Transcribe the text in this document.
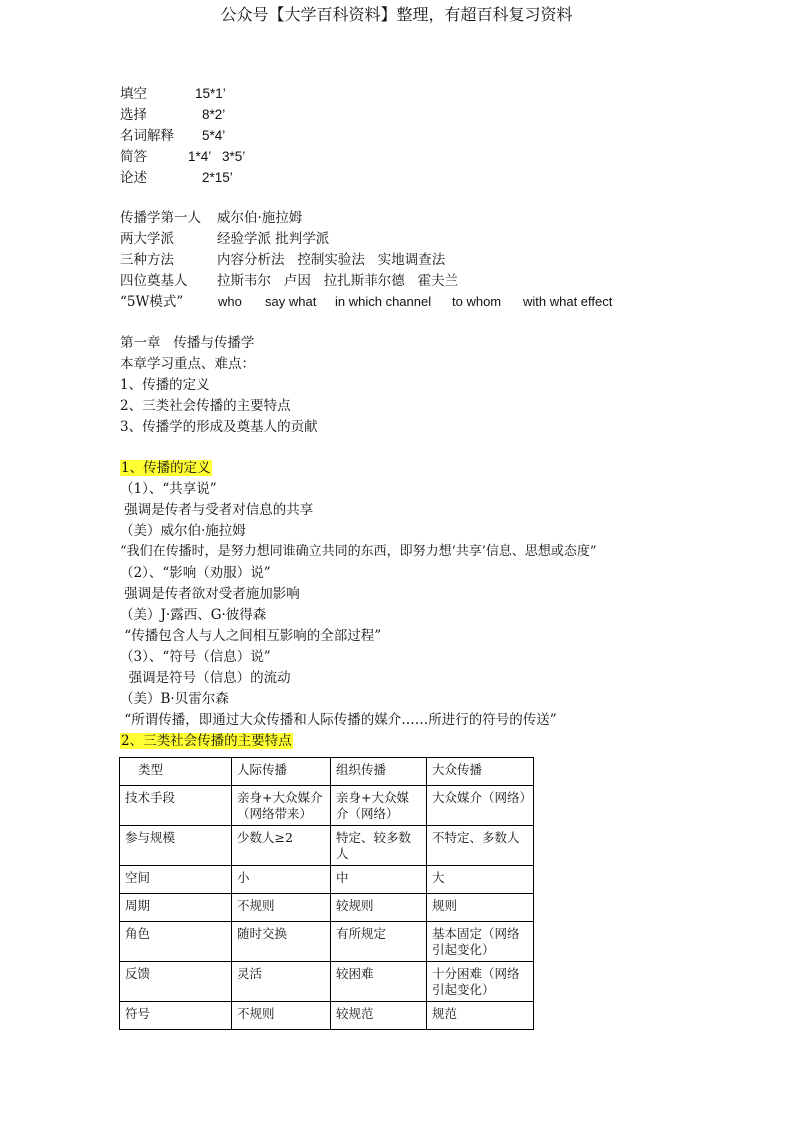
公众号【大学百科资料】整理，有超百科复习资料
填空	15*1’
选择	8*2’
名词解释 5*4’
简答	1*4’   3*5’
论述	2*15’
传播学第一人 威尔伯·施拉姆
两大学派	经验学派 批判学派
三种方法	内容分析法   控制实验法   实地调查法
四位奠基人 拉斯韦尔   卢因   拉扎斯菲尔德   霍夫兰
“5W模式”	who say what in which channel to whom with what effect
第一章   传播与传播学
本章学习重点、难点：
1、传播的定义
2、三类社会传播的主要特点
3、传播学的形成及奠基人的贡献
1、传播的定义
（1）、“共享说”
强调是传者与受者对信息的共享
（美）威尔伯·施拉姆
“我们在传播时，是努力想同谁确立共同的东西，即努力想‘共享’信息、思想或态度”
（2）、“影响（劝服）说”
强调是传者欲对受者施加影响
（美）J·露西、G·彼得森
“传播包含人与人之间相互影响的全部过程”
（3）、“符号（信息）说”
强调是符号（信息）的流动
（美）B·贝雷尔森
“所谓传播，即通过大众传播和人际传播的媒介……所进行的符号的传送”
2、三类社会传播的主要特点
类型	人际传播	组织传播	大众传播
技术手段	亲身+大众媒介（网络带来）	亲身+大众媒介（网络）	大众媒介（网络）
参与规模	少数人≥2	特定、较多数人	不特定、多数人
空间	小	中	大
周期	不规则	较规则	规则
角色	随时交换	有所规定	基本固定（网络引起变化）
反馈	灵活	较困难	十分困难（网络引起变化）
符号	不规则	较规范	规范
